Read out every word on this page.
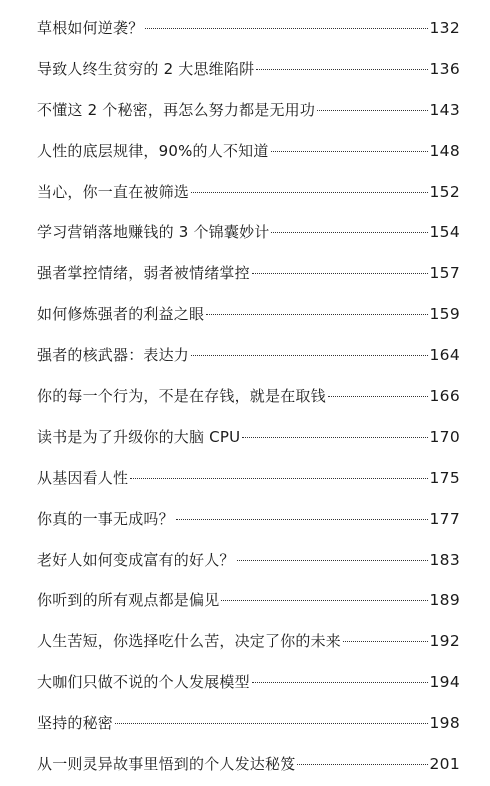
草根如何逆袭？	132
导致人终生贫穷的 2 大思维陷阱	136
不懂这 2 个秘密，再怎么努力都是无用功	143
人性的底层规律，90%的人不知道	148
当心，你一直在被筛选	152
学习营销落地赚钱的 3 个锦囊妙计	154
强者掌控情绪，弱者被情绪掌控	157
如何修炼强者的利益之眼	159
强者的核武器：表达力	164
你的每一个行为，不是在存钱，就是在取钱	166
读书是为了升级你的大脑 CPU	170
从基因看人性	175
你真的一事无成吗？	177
老好人如何变成富有的好人？	183
你听到的所有观点都是偏见	189
人生苦短，你选择吃什么苦，决定了你的未来	192
大咖们只做不说的个人发展模型	194
坚持的秘密	198
从一则灵异故事里悟到的个人发达秘笈	201
